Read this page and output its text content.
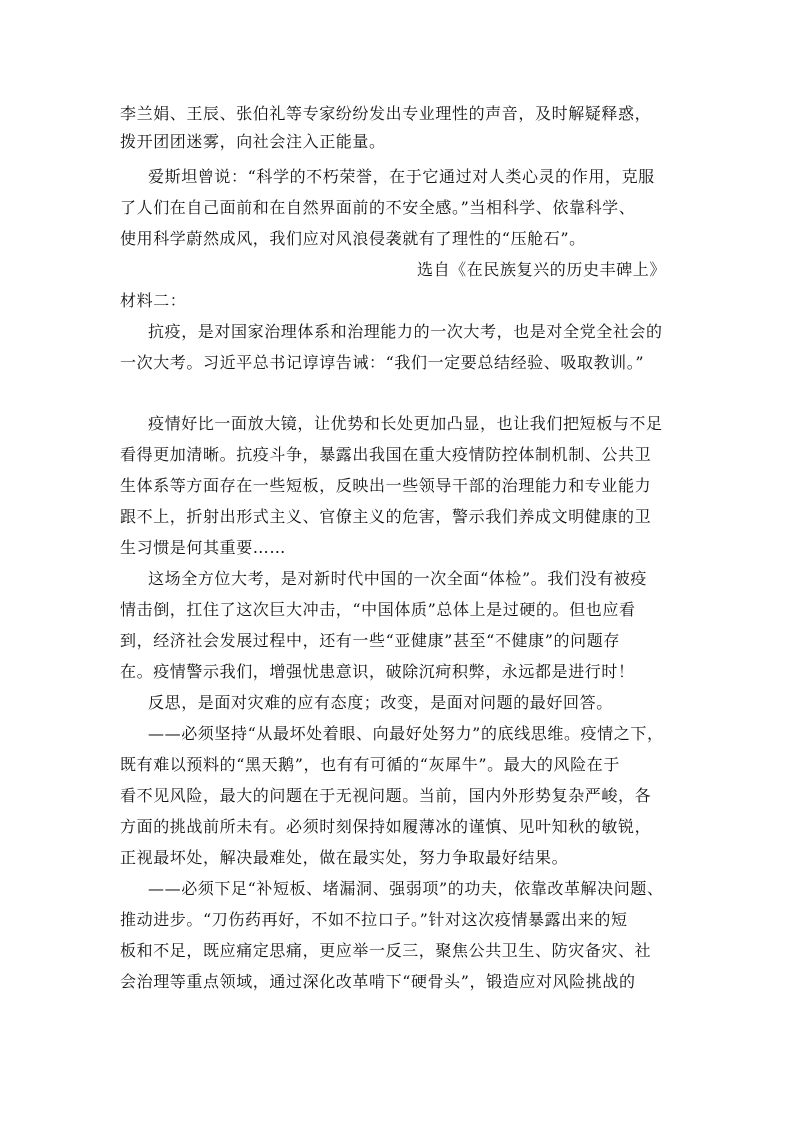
李兰娟、王辰、张伯礼等专家纷纷发出专业理性的声音，及时解疑释惑，
拨开团团迷雾，向社会注入正能量。
爱斯坦曾说：“科学的不朽荣誉，在于它通过对人类心灵的作用，克服
了人们在自己面前和在自然界面前的不安全感。”当相科学、依靠科学、
使用科学蔚然成风，我们应对风浪侵袭就有了理性的“压舱石”。
选自《在民族复兴的历史丰碑上》
材料二：
抗疫，是对国家治理体系和治理能力的一次大考，也是对全党全社会的
一次大考。习近平总书记谆谆告诫：“我们一定要总结经验、吸取教训。”
疫情好比一面放大镜，让优势和长处更加凸显，也让我们把短板与不足
看得更加清晰。抗疫斗争，暴露出我国在重大疫情防控体制机制、公共卫
生体系等方面存在一些短板，反映出一些领导干部的治理能力和专业能力
跟不上，折射出形式主义、官僚主义的危害，警示我们养成文明健康的卫
生习惯是何其重要……
这场全方位大考，是对新时代中国的一次全面“体检”。我们没有被疫
情击倒，扛住了这次巨大冲击，“中国体质”总体上是过硬的。但也应看
到，经济社会发展过程中，还有一些“亚健康”甚至“不健康”的问题存
在。疫情警示我们，增强忧患意识，破除沉疴积弊，永远都是进行时！
反思，是面对灾难的应有态度；改变，是面对问题的最好回答。
——必须坚持“从最坏处着眼、向最好处努力”的底线思维。疫情之下，
既有难以预料的“黑天鹅”，也有有可循的“灰犀牛”。最大的风险在于
看不见风险，最大的问题在于无视问题。当前，国内外形势复杂严峻，各
方面的挑战前所未有。必须时刻保持如履薄冰的谨慎、见叶知秋的敏锐，
正视最坏处，解决最难处，做在最实处，努力争取最好结果。
——必须下足“补短板、堵漏洞、强弱项”的功夫，依靠改革解决问题、
推动进步。“刀伤药再好，不如不拉口子。”针对这次疫情暴露出来的短
板和不足，既应痛定思痛，更应举一反三，聚焦公共卫生、防灾备灾、社
会治理等重点领域，通过深化改革啃下“硬骨头”，锻造应对风险挑战的
